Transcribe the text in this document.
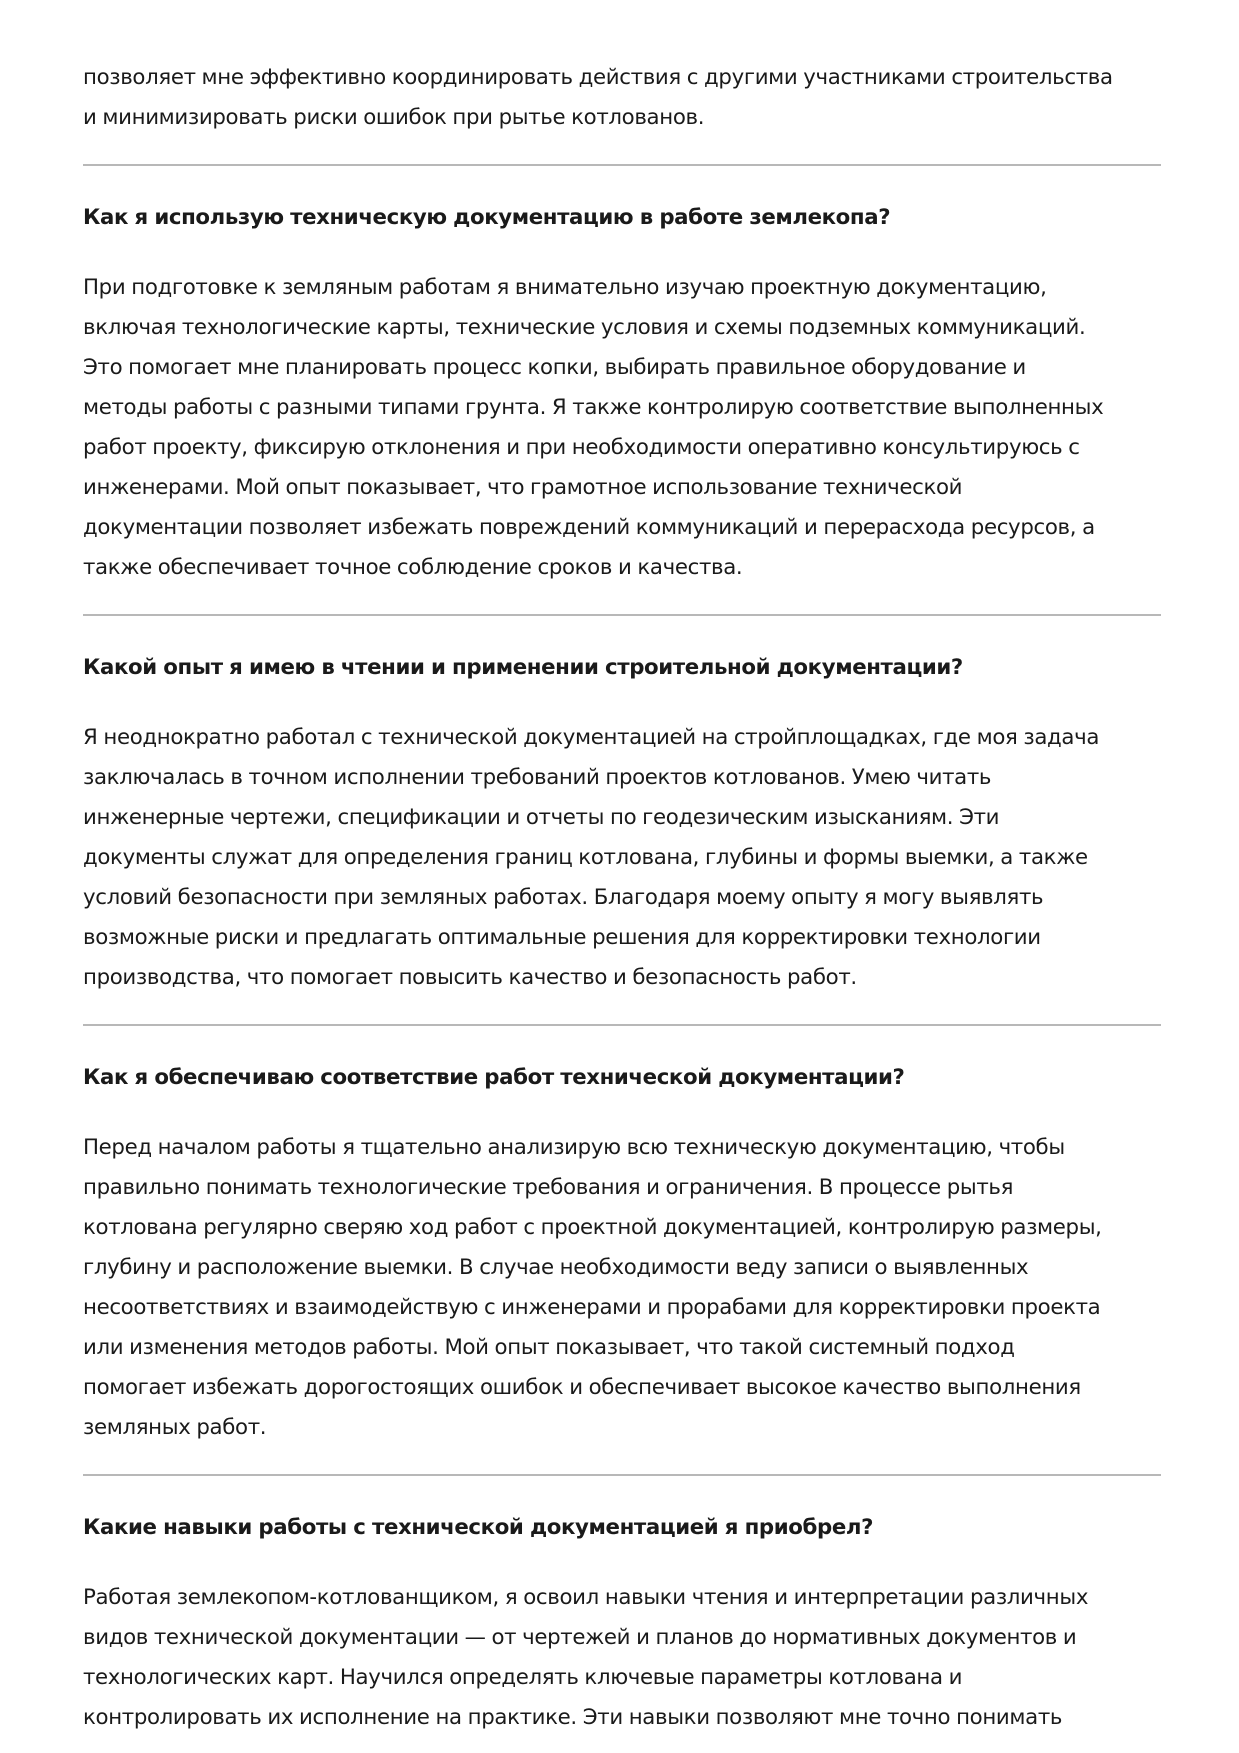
позволяет мне эффективно координировать действия с другими участниками строительства
и минимизировать риски ошибок при рытье котлованов.

Как я использую техническую документацию в работе землекопа?

При подготовке к земляным работам я внимательно изучаю проектную документацию,
включая технологические карты, технические условия и схемы подземных коммуникаций.
Это помогает мне планировать процесс копки, выбирать правильное оборудование и
методы работы с разными типами грунта. Я также контролирую соответствие выполненных
работ проекту, фиксирую отклонения и при необходимости оперативно консультируюсь с
инженерами. Мой опыт показывает, что грамотное использование технической
документации позволяет избежать повреждений коммуникаций и перерасхода ресурсов, а
также обеспечивает точное соблюдение сроков и качества.

Какой опыт я имею в чтении и применении строительной документации?

Я неоднократно работал с технической документацией на стройплощадках, где моя задача
заключалась в точном исполнении требований проектов котлованов. Умею читать
инженерные чертежи, спецификации и отчеты по геодезическим изысканиям. Эти
документы служат для определения границ котлована, глубины и формы выемки, а также
условий безопасности при земляных работах. Благодаря моему опыту я могу выявлять
возможные риски и предлагать оптимальные решения для корректировки технологии
производства, что помогает повысить качество и безопасность работ.

Как я обеспечиваю соответствие работ технической документации?

Перед началом работы я тщательно анализирую всю техническую документацию, чтобы
правильно понимать технологические требования и ограничения. В процессе рытья
котлована регулярно сверяю ход работ с проектной документацией, контролирую размеры,
глубину и расположение выемки. В случае необходимости веду записи о выявленных
несоответствиях и взаимодействую с инженерами и прорабами для корректировки проекта
или изменения методов работы. Мой опыт показывает, что такой системный подход
помогает избежать дорогостоящих ошибок и обеспечивает высокое качество выполнения
земляных работ.

Какие навыки работы с технической документацией я приобрел?

Работая землекопом-котлованщиком, я освоил навыки чтения и интерпретации различных
видов технической документации — от чертежей и планов до нормативных документов и
технологических карт. Научился определять ключевые параметры котлована и
контролировать их исполнение на практике. Эти навыки позволяют мне точно понимать
